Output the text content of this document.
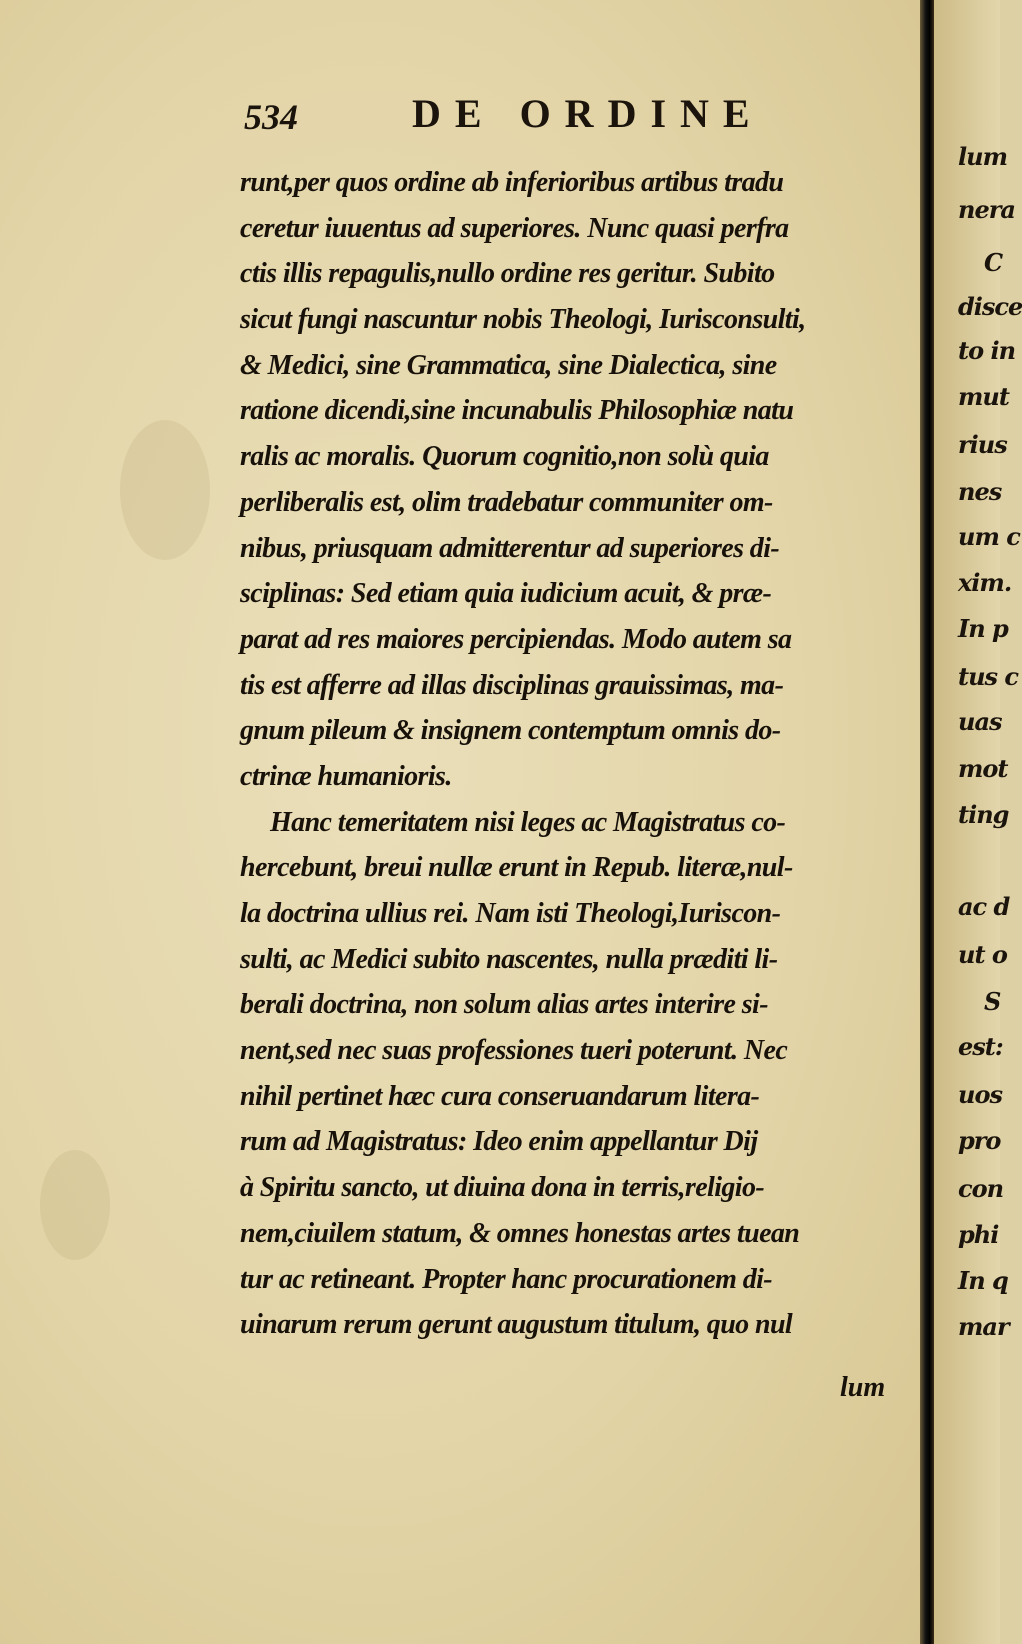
534	DE ORDINE
runt,per quos ordine ab inferioribus artibus tradu
ceretur iuuentus ad superiores. Nunc quasi perfra
ctis illis repagulis,nullo ordine res geritur. Subito
sicut fungi nascuntur nobis Theologi, Iurisconsulti,
& Medici, sine Grammatica, sine Dialectica, sine
ratione dicendi,sine incunabulis Philosophiæ natu
ralis ac moralis. Quorum cognitio,non solù quia
perliberalis est, olim tradebatur communiter om-
nibus, priusquam admitterentur ad superiores di-
sciplinas: Sed etiam quia iudicium acuit, & præ-
parat ad res maiores percipiendas. Modo autem sa
tis est afferre ad illas disciplinas grauissimas, ma-
gnum pileum & insignem contemptum omnis do-
ctrinæ humanioris.
Hanc temeritatem nisi leges ac Magistratus co-
hercebunt, breui nullæ erunt in Repub. literæ,nul-
la doctrina ullius rei. Nam isti Theologi,Iuriscon-
sulti, ac Medici subito nascentes, nulla præditi li-
berali doctrina, non solum alias artes interire si-
nent,sed nec suas professiones tueri poterunt. Nec
nihil pertinet hæc cura conseruandarum litera-
rum ad Magistratus: Ideo enim appellantur Dij
à Spiritu sancto, ut diuina dona in terris,religio-
nem,ciuilem statum, & omnes honestas artes tuean
tur ac retineant. Propter hanc procurationem di-
uinarum rerum gerunt augustum titulum, quo nul
lum
lum
nera
C
disce
to in
mut
rius
nes
um c
xim.
In p
tus c
uas
mot
ting
ac d
ut o
S
est:
uos
pro
con
phi
In q
mar
